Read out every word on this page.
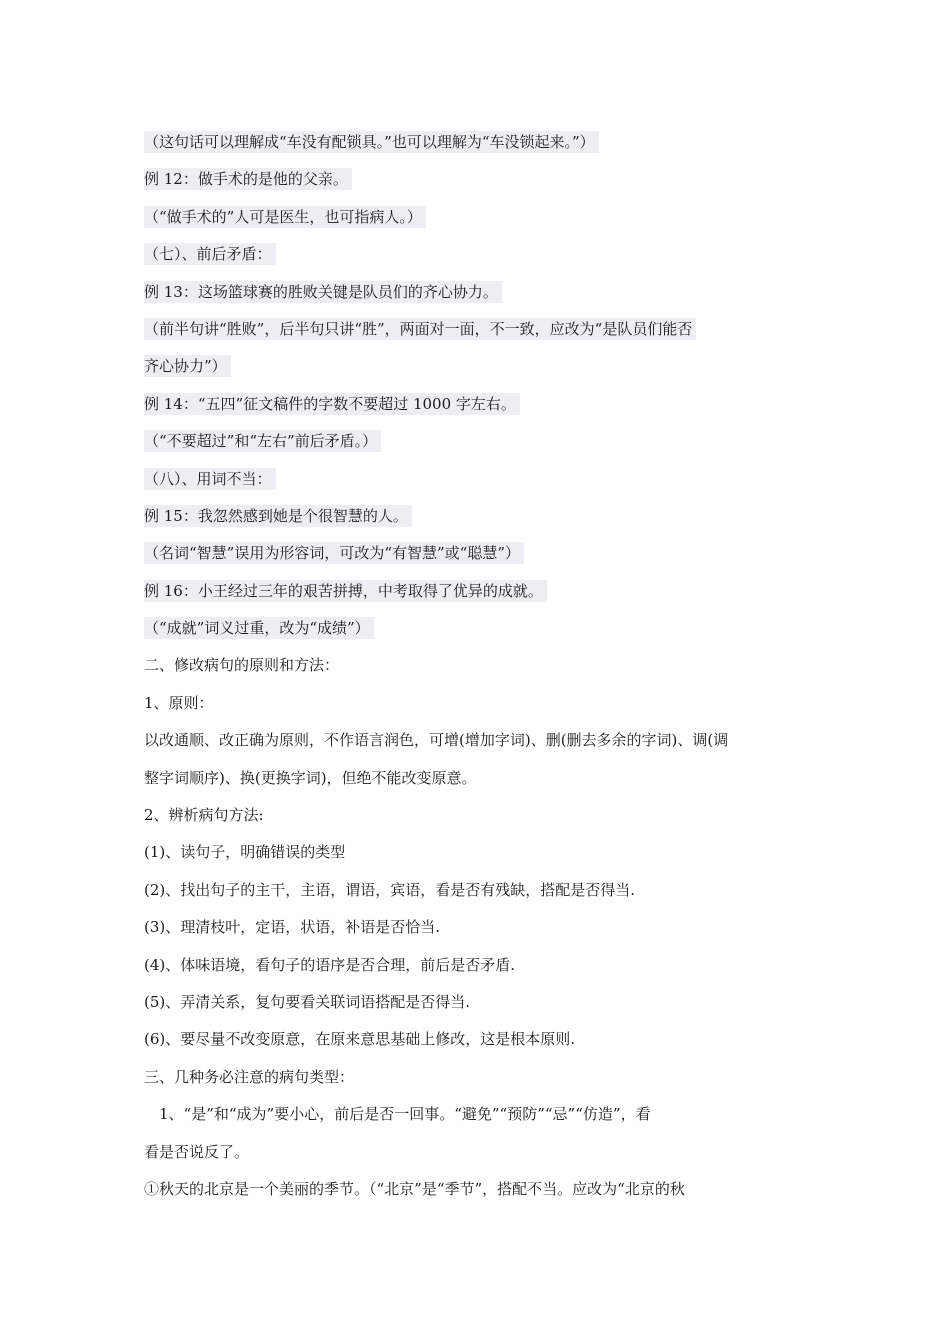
（这句话可以理解成“车没有配锁具。”也可以理解为“车没锁起来。”）
例 12：做手术的是他的父亲。
（“做手术的”人可是医生，也可指病人。）
（七）、前后矛盾：
例 13：这场篮球赛的胜败关键是队员们的齐心协力。
（前半句讲“胜败”，后半句只讲“胜”，两面对一面，不一致，应改为“是队员们能否
齐心协力”）
例 14：“五四”征文稿件的字数不要超过 1000 字左右。
（“不要超过”和“左右”前后矛盾。）
（八）、用词不当：
例 15：我忽然感到她是个很智慧的人。
（名词“智慧”误用为形容词，可改为“有智慧”或“聪慧”）
例 16：小王经过三年的艰苦拼搏，中考取得了优异的成就。
（“成就”词义过重，改为“成绩”）
二、修改病句的原则和方法：
1、原则：
以改通顺、改正确为原则，不作语言润色，可增(增加字词)、删(删去多余的字词)、调(调
整字词顺序)、换(更换字词)，但绝不能改变原意。
2、辨析病句方法:
(1)、读句子，明确错误的类型
(2)、找出句子的主干，主语，谓语，宾语，看是否有残缺，搭配是否得当.
(3)、理清枝叶，定语，状语，补语是否恰当.
(4)、体味语境，看句子的语序是否合理，前后是否矛盾.
(5)、弄清关系，复句要看关联词语搭配是否得当.
(6)、要尽量不改变原意，在原来意思基础上修改，这是根本原则.
三、几种务必注意的病句类型：
　1、“是”和“成为”要小心，前后是否一回事。“避免”“预防”“忌”“仿造”，看
看是否说反了。
①秋天的北京是一个美丽的季节。（“北京”是“季节”，搭配不当。应改为“北京的秋
